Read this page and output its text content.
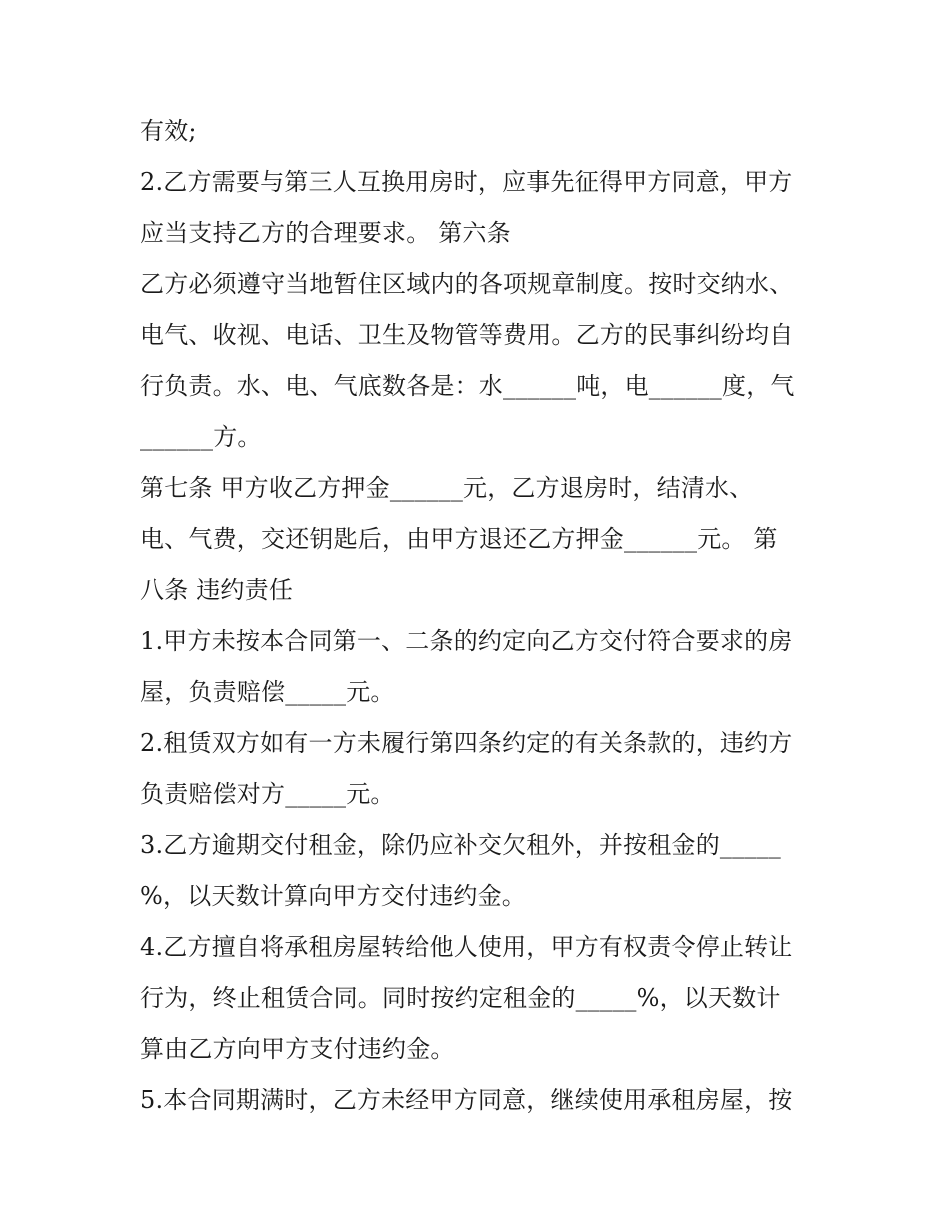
有效;
2.乙方需要与第三人互换用房时，应事先征得甲方同意，甲方
应当支持乙方的合理要求。 第六条
乙方必须遵守当地暂住区域内的各项规章制度。按时交纳水、
电气、收视、电话、卫生及物管等费用。乙方的民事纠纷均自
行负责。水、电、气底数各是：水______吨，电______度，气
______方。
第七条 甲方收乙方押金______元，乙方退房时，结清水、
电、气费，交还钥匙后，由甲方退还乙方押金______元。 第
八条 违约责任
1.甲方未按本合同第一、二条的约定向乙方交付符合要求的房
屋，负责赔偿_____元。
2.租赁双方如有一方未履行第四条约定的有关条款的，违约方
负责赔偿对方_____元。
3.乙方逾期交付租金，除仍应补交欠租外，并按租金的_____
%，以天数计算向甲方交付违约金。
4.乙方擅自将承租房屋转给他人使用，甲方有权责令停止转让
行为，终止租赁合同。同时按约定租金的_____%，以天数计
算由乙方向甲方支付违约金。
5.本合同期满时，乙方未经甲方同意，继续使用承租房屋，按
